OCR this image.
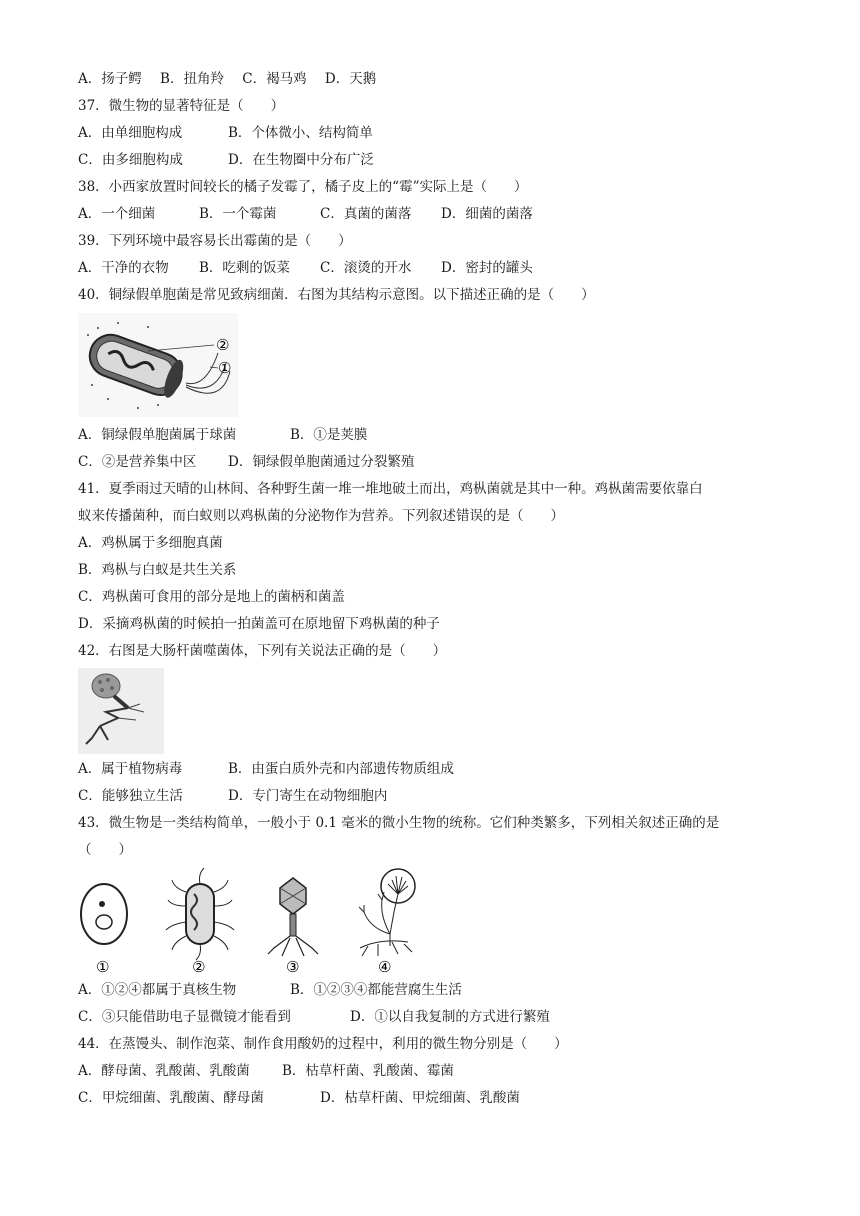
A．扬子鳄 B．扭角羚 C．褐马鸡 D．天鹅
37．微生物的显著特征是（　　）
A．由单细胞构成	B．个体微小、结构简单
C．由多细胞构成	D．在生物圈中分布广泛
38．小西家放置时间较长的橘子发霉了，橘子皮上的“霉”实际上是（　　）
A．一个细菌	B．一个霉菌	C．真菌的菌落 D．细菌的菌落
39．下列环境中最容易长出霉菌的是（　　）
A．干净的衣物 B．吃剩的饭菜 C．滚烫的开水 D．密封的罐头
40．铜绿假单胞菌是常见致病细菌．右图为其结构示意图。以下描述正确的是（　　）
②
①
A．铜绿假单胞菌属于球菌	B．①是荚膜
C．②是营养集中区 D．铜绿假单胞菌通过分裂繁殖
41．夏季雨过天晴的山林间、各种野生菌一堆一堆地破土而出，鸡枞菌就是其中一种。鸡枞菌需要依靠白
蚁来传播菌种，而白蚁则以鸡枞菌的分泌物作为营养。下列叙述错误的是（　　）
A．鸡枞属于多细胞真菌
B．鸡枞与白蚁是共生关系
C．鸡枞菌可食用的部分是地上的菌柄和菌盖
D．采摘鸡枞菌的时候拍一拍菌盖可在原地留下鸡枞菌的种子
42．右图是大肠杆菌噬菌体，下列有关说法正确的是（　　）
A．属于植物病毒	B．由蛋白质外壳和内部遗传物质组成
C．能够独立生活	D．专门寄生在动物细胞内
43．微生物是一类结构简单，一般小于 0.1 毫米的微小生物的统称。它们种类繁多，下列相关叙述正确的是
（　　）
①	②	③	④
A．①②④都属于真核生物	B．①②③④都能营腐生生活
C．③只能借助电子显微镜才能看到	D．①以自我复制的方式进行繁殖
44．在蒸馒头、制作泡菜、制作食用酸奶的过程中，利用的微生物分别是（　　）
A．酵母菌、乳酸菌、乳酸菌 B．枯草杆菌、乳酸菌、霉菌
C．甲烷细菌、乳酸菌、酵母菌	D．枯草杆菌、甲烷细菌、乳酸菌
